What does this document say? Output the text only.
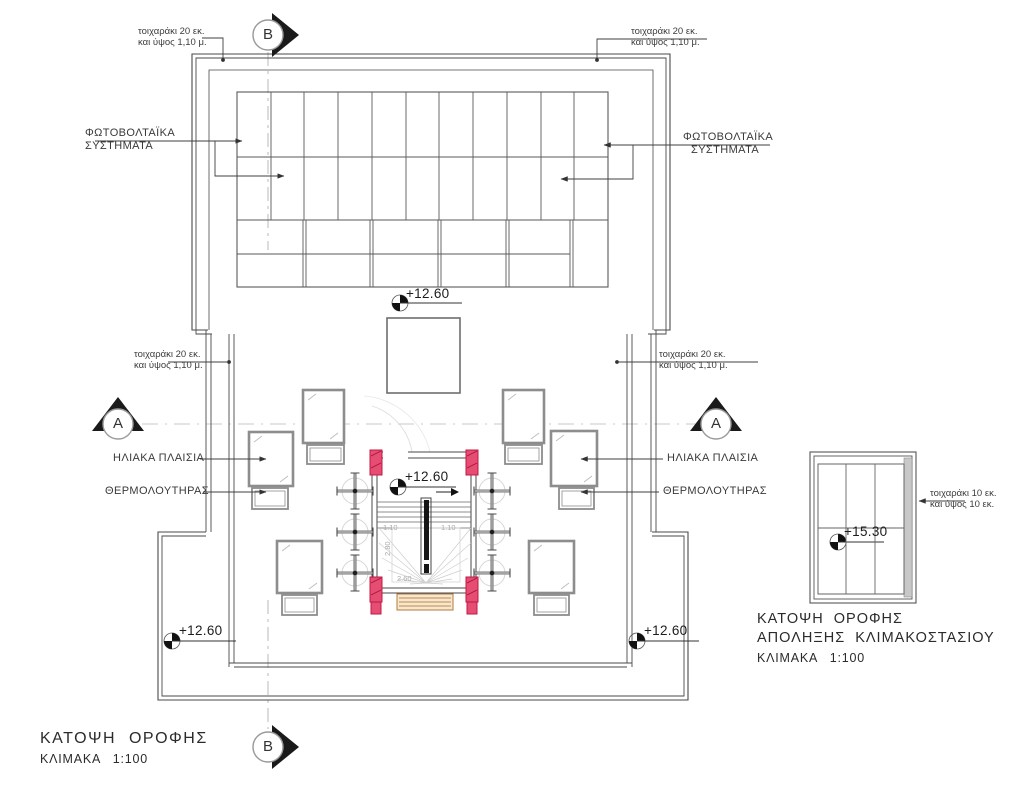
τοιχαράκι 20 εκ.
και ύψος 1,10 μ.
τοιχαράκι 20 εκ.
και ύψος 1,10 μ.
τοιχαράκι 20 εκ.
και ύψος 1,10 μ.
τοιχαράκι 20 εκ.
και ύψος 1,10 μ.
τοιχαράκι 10 εκ.
και ύψος 10 εκ.
ΦΩΤΟΒΟΛΤΑΪΚΑ
ΣΥΣΤΗΜΑΤΑ
ΦΩΤΟΒΟΛΤΑΪΚΑ
ΣΥΣΤΗΜΑΤΑ
ΗΛΙΑΚΑ ΠΛΑΙΣΙΑ
ΘΕΡΜΟΛΟΥΤΗΡΑΣ
ΗΛΙΑΚΑ ΠΛΑΙΣΙΑ
ΘΕΡΜΟΛΟΥΤΗΡΑΣ
+12.60
+12.60
+12.60	+12.60
+15.30
B
B
A	A
1.10	1.10
2.60
2.80
ΚΑΤΟΨΗ ΟΡΟΦΗΣ
ΚΛΙΜΑΚΑ 1:100
ΚΑΤΟΨΗ ΟΡΟΦΗΣ
ΑΠΟΛΗΞΗΣ ΚΛΙΜΑΚΟΣΤΑΣΙΟΥ
ΚΛΙΜΑΚΑ 1:100
